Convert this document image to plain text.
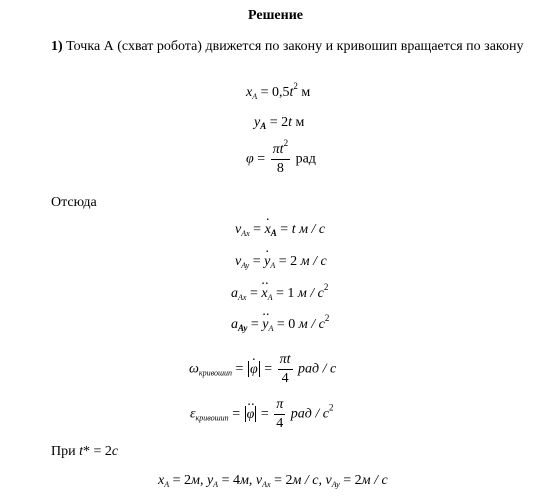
Решение
1) Точка А (схват робота) движется по закону и кривошип вращается по закону
$x_A = 0,5t^2$ м
$y_A = 2t$ м
$\varphi = \frac{\pi t^2}{8}$ рад
Отсюда
$v_{Ax} = x \cdot_A = t$ м / с
$v_{Ay} = y \cdot_A = 2$ м / с
$a_{Ax} = x \cdot\cdot_A = 1$ м / $с^2$
$a_{Ay} = y \cdot\cdot_A = 0$ м / $с^2$
$\omega_{кривошип} = \varphi$ · = $\frac{\pi t}{4}$ рад / с
$\varepsilon_{кривошип} = \varphi$ ·· = $\frac{\pi}{4}$ рад / $с^2$
При t* = 2с
$x_A = 2м$, $y_A = 4м$, $v_{Ax} = 2м / с$, $v_{Ay} = 2м / с$
